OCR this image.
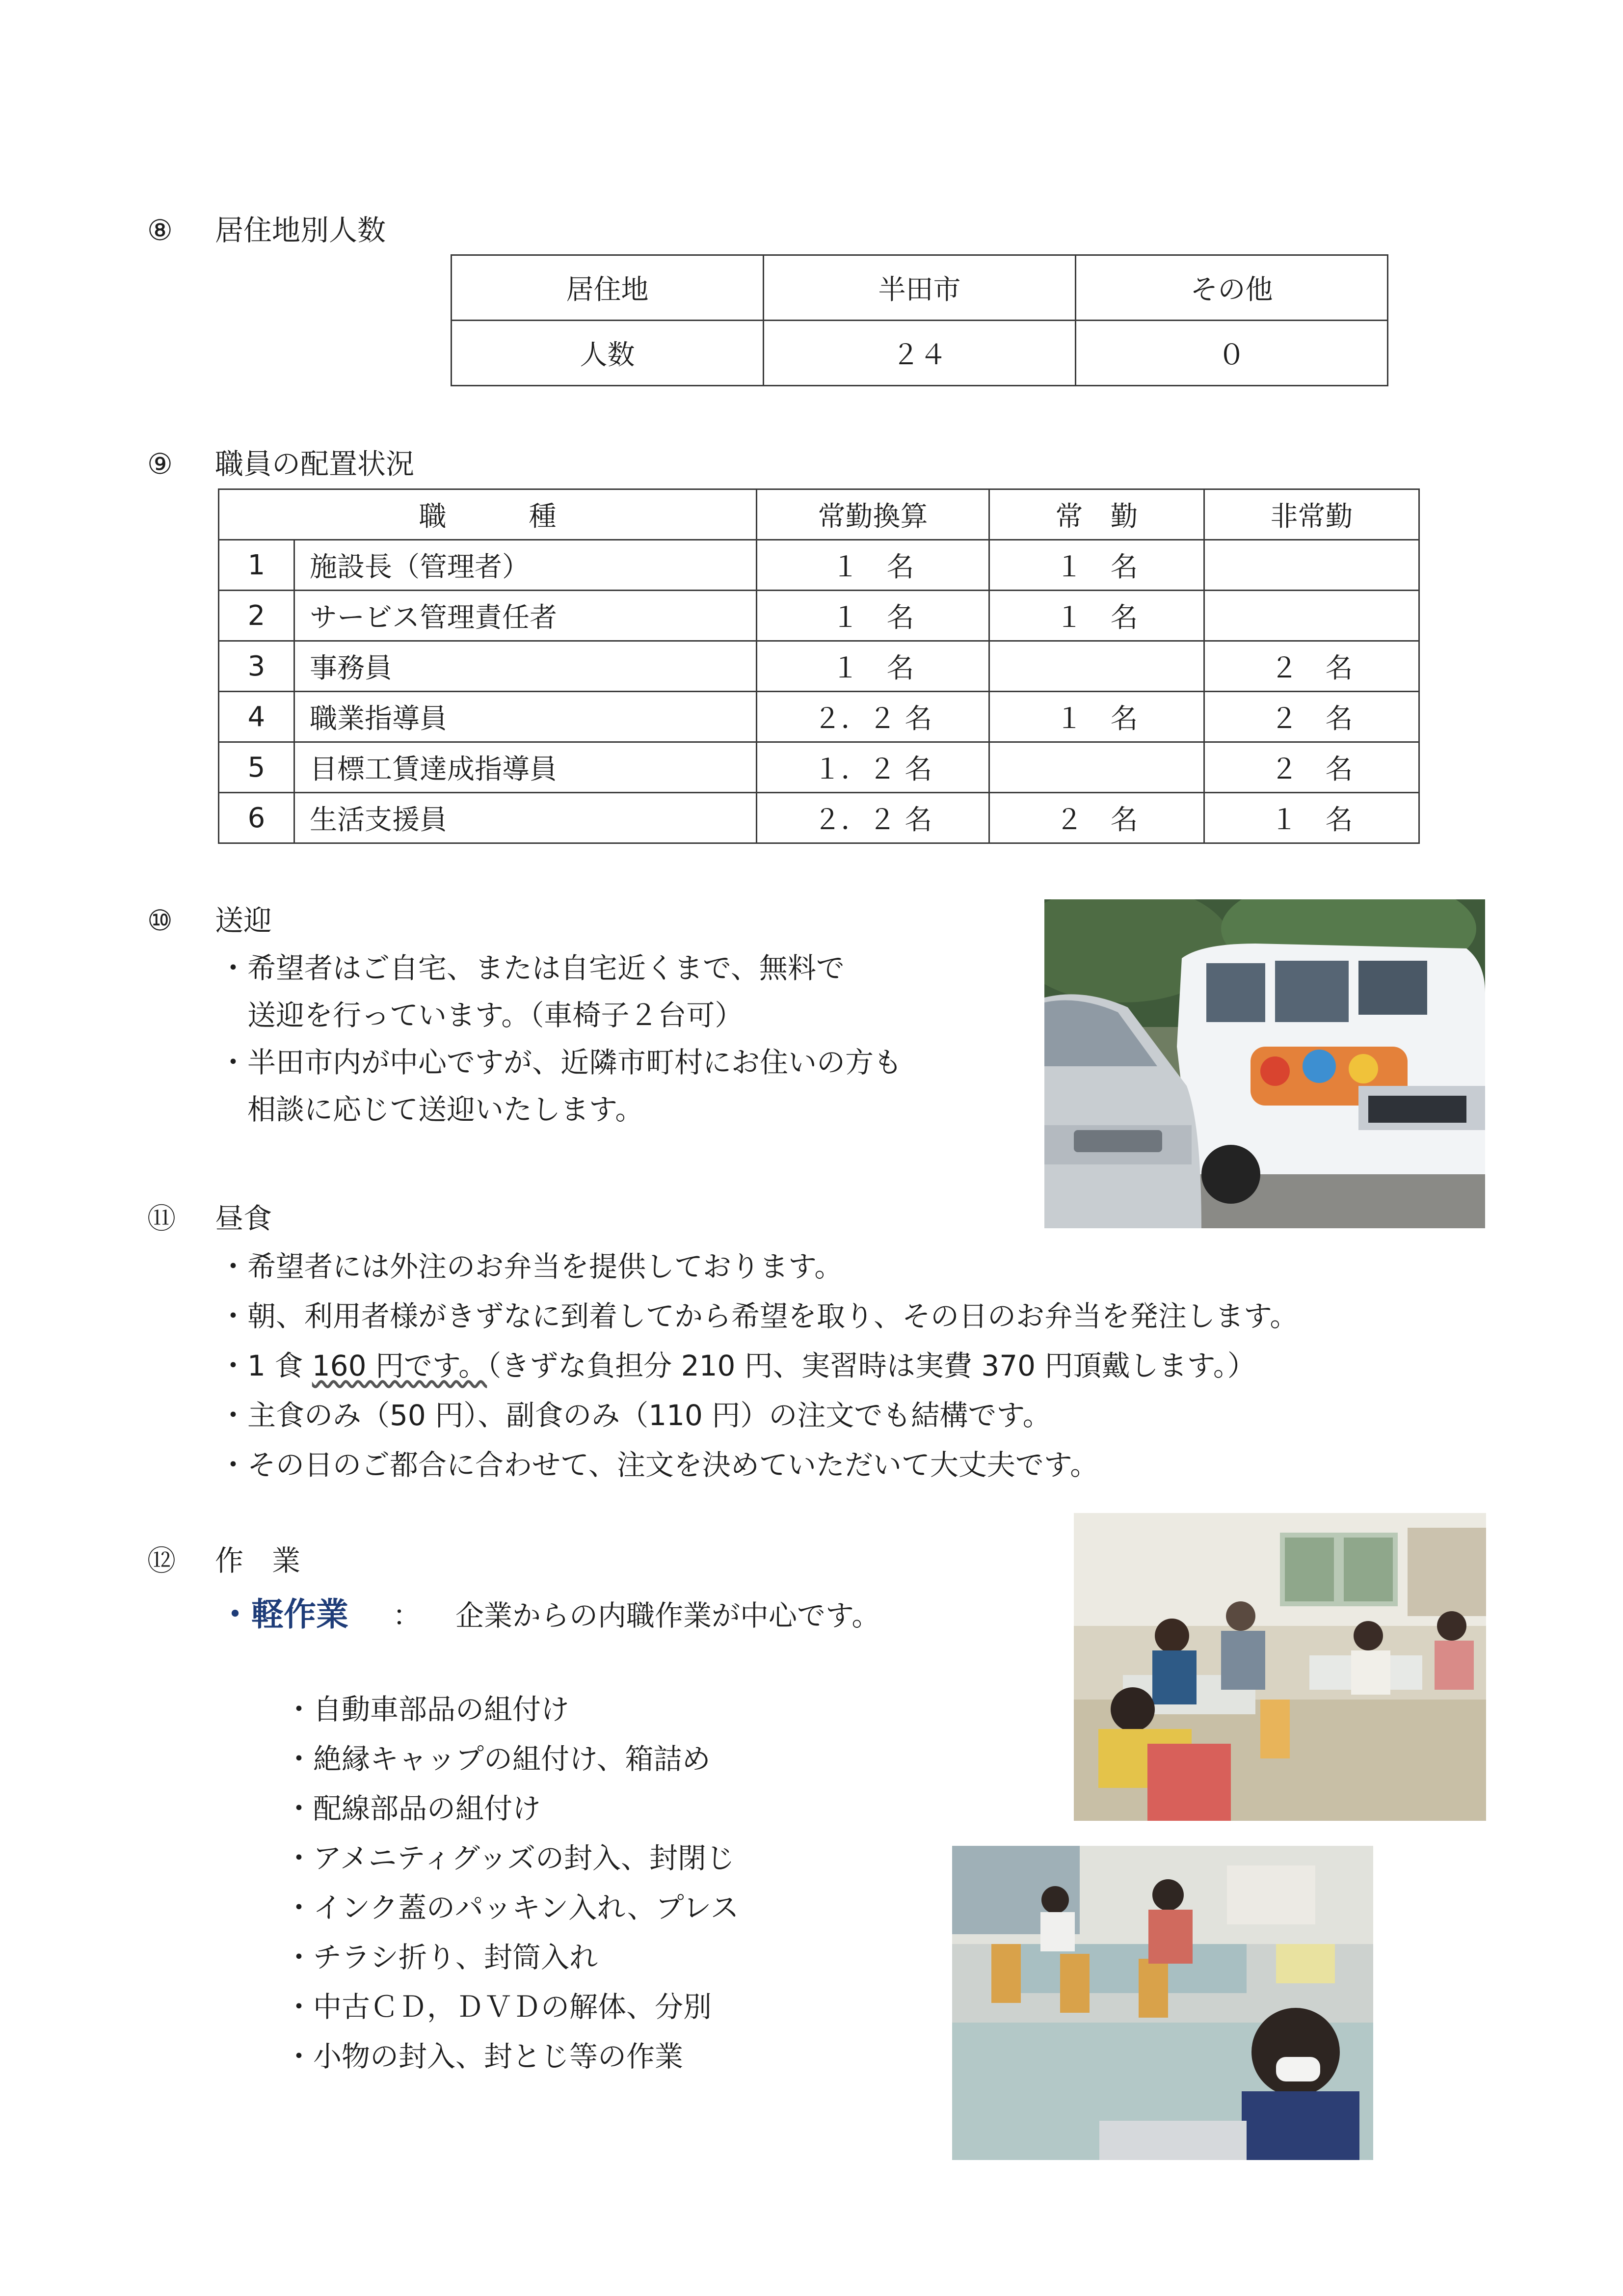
⑧ 居住地別人数
居住地	半田市	その他
人数	２４	０
⑨ 職員の配置状況
職　　　種		常勤換算	常　勤	非常勤
1	施設長（管理者）	１　名	１　名	
2	サービス管理責任者	１　名	１　名	
3	事務員	１　名		２　名
4	職業指導員	２．２ 名	１　名	２　名
5	目標工賃達成指導員	１．２ 名		２　名
6	生活支援員	２．２ 名	２　名	１　名
⑩ 送迎
・希望者はご自宅、または自宅近くまで、無料で
送迎を行っています。（車椅子２台可）
・半田市内が中心ですが、近隣市町村にお住いの方も
相談に応じて送迎いたします。
⑪ 昼食
・希望者には外注のお弁当を提供しております。
・朝、利用者様がきずなに到着してから希望を取り、その日のお弁当を発注します。
・1 食 160 円です。（きずな負担分 210 円、実習時は実費 370 円頂戴します。）
・主食のみ（50 円）、副食のみ（110 円）の注文でも結構です。
・その日のご都合に合わせて、注文を決めていただいて大丈夫です。
⑫ 作　業
・軽作業 ： 企業からの内職作業が中心です。
・自動車部品の組付け
・絶縁キャップの組付け、箱詰め
・配線部品の組付け
・アメニティグッズの封入、封閉じ
・インク蓋のパッキン入れ、プレス
・チラシ折り、封筒入れ
・中古ＣＤ，ＤＶＤの解体、分別
・小物の封入、封とじ等の作業
